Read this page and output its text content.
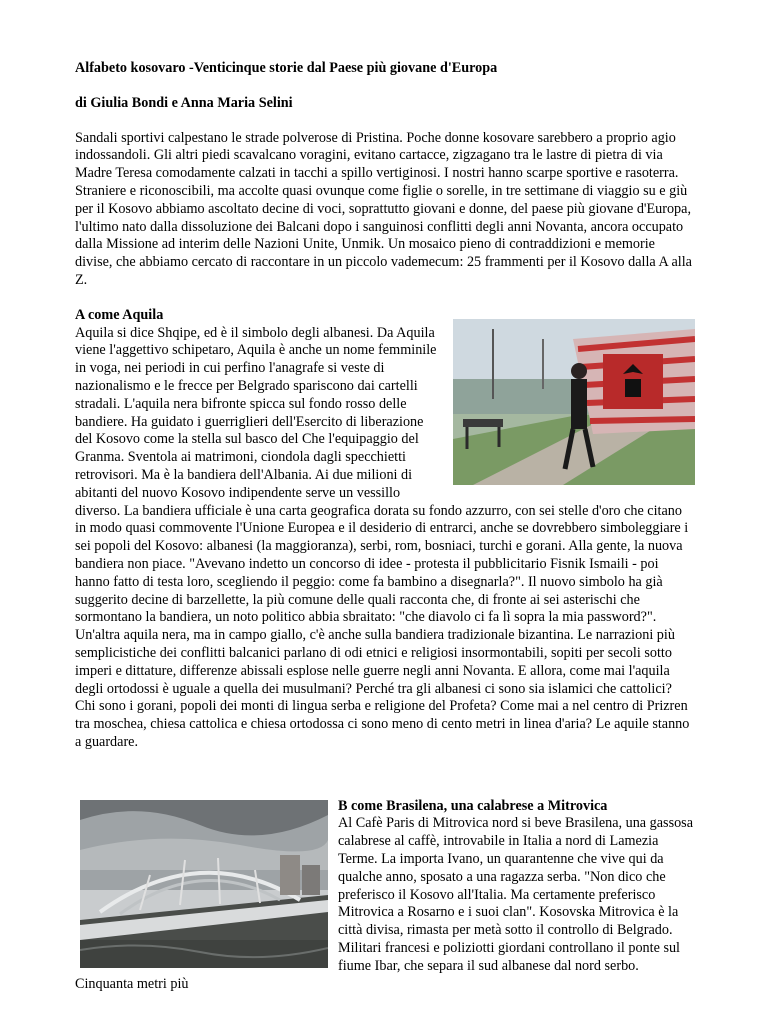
Alfabeto kosovaro -Venticinque storie dal Paese più giovane d'Europa
di Giulia Bondi e Anna Maria Selini

Sandali sportivi calpestano le strade polverose di Pristina. Poche donne kosovare sarebbero a proprio agio indossandoli. Gli altri piedi scavalcano voragini, evitano cartacce, zigzagano tra le lastre di pietra di via Madre Teresa comodamente calzati in tacchi a spillo vertiginosi. I nostri hanno scarpe sportive e rasoterra. Straniere e riconoscibili, ma accolte quasi ovunque come figlie o sorelle, in tre settimane di viaggio su e giù per il Kosovo abbiamo ascoltato decine di voci, soprattutto giovani e donne, del paese più giovane d'Europa, l'ultimo nato dalla dissoluzione dei Balcani dopo i sanguinosi conflitti degli anni Novanta, ancora occupato dalla Missione ad interim delle Nazioni Unite, Unmik. Un mosaico pieno di contraddizioni e memorie divise, che abbiamo cercato di raccontare in un piccolo vademecum: 25 frammenti per il Kosovo dalla A alla Z.

A come Aquila

Aquila si dice Shqipe, ed è il simbolo degli albanesi. Da Aquila viene l'aggettivo schipetaro, Aquila è anche un nome femminile in voga, nei periodi in cui perfino l'anagrafe si veste di nazionalismo e le frecce per Belgrado spariscono dai cartelli stradali. L'aquila nera bifronte spicca sul fondo rosso delle bandiere. Ha guidato i guerriglieri dell'Esercito di liberazione del Kosovo come la stella sul basco del Che l'equipaggio del Granma. Sventola ai matrimoni, ciondola dagli specchietti retrovisori. Ma è la bandiera dell'Albania. Ai due milioni di abitanti del nuovo Kosovo indipendente serve un vessillo diverso. La bandiera ufficiale è una carta geografica dorata su fondo azzurro, con sei stelle d'oro che citano in modo quasi commovente l'Unione Europea e il desiderio di entrarci, anche se dovrebbero simboleggiare i sei popoli del Kosovo: albanesi (la maggioranza), serbi, rom, bosniaci, turchi e gorani. Alla gente, la nuova bandiera non piace. "Avevano indetto un concorso di idee - protesta il pubblicitario Fisnik Ismaili - poi hanno fatto di testa loro, scegliendo il peggio: come fa bambino a disegnarla?". Il nuovo simbolo ha già suggerito decine di barzellette, la più comune delle quali racconta che, di fronte ai sei asterischi che sormontano la bandiera, un noto politico abbia sbraitato: "che diavolo ci fa lì sopra la mia password?". Un'altra aquila nera, ma in campo giallo, c'è anche sulla bandiera tradizionale bizantina. Le narrazioni più semplicistiche dei conflitti balcanici parlano di odi etnici e religiosi insormontabili, sopiti per secoli sotto imperi e dittature, differenze abissali esplose nelle guerre negli anni Novanta. E allora, come mai l'aquila degli ortodossi è uguale a quella dei musulmani? Perché tra gli albanesi ci sono sia islamici che cattolici? Chi sono i gorani, popoli dei monti di lingua serba e religione del Profeta? Come mai a nel centro di Prizren tra moschea, chiesa cattolica e chiesa ortodossa ci sono meno di cento metri in linea d'aria? Le aquile stanno a guardare.

B come Brasilena, una calabrese a Mitrovica

Al Cafè Paris di Mitrovica nord si beve Brasilena, una gassosa calabrese al caffè, introvabile in Italia a nord di Lamezia Terme. La importa Ivano, un quarantenne che vive qui da qualche anno, sposato a una ragazza serba. "Non dico che preferisco il Kosovo all'Italia. Ma certamente preferisco Mitrovica a Rosarno e i suoi clan". Kosovska Mitrovica è la città divisa, rimasta per metà sotto il controllo di Belgrado. Militari francesi e poliziotti giordani controllano il ponte sul fiume Ibar, che separa il sud albanese dal nord serbo. Cinquanta metri più
